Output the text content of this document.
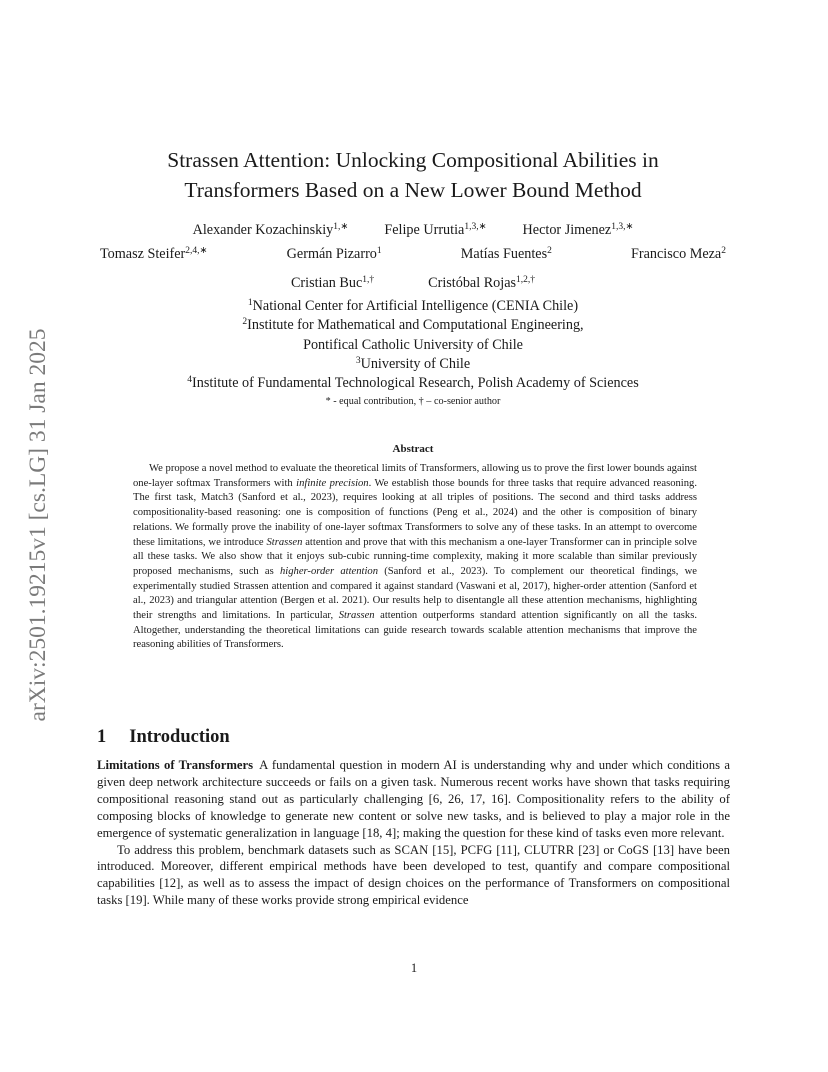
arXiv:2501.19215v1 [cs.LG] 31 Jan 2025
Strassen Attention: Unlocking Compositional Abilities in
Transformers Based on a New Lower Bound Method
Alexander Kozachinskiy$^{1,∗}$	Felipe Urrutia$^{1,3,∗}$	Hector Jimenez$^{1,3,∗}$
Tomasz Steifer$^{2,4,∗}$	Germán Pizarro$^1$	Matías Fuentes$^2$	Francisco Meza$^2$
Cristian Buc$^{1,\dagger}$	Cristóbal Rojas$^{1,2,\dagger}$
$^1$National Center for Artificial Intelligence (CENIA Chile)
$^2$Institute for Mathematical and Computational Engineering,
Pontifical Catholic University of Chile
$^3$University of Chile
$^4$Institute of Fundamental Technological Research, Polish Academy of Sciences
* - equal contribution, † – co-senior author
Abstract

We propose a novel method to evaluate the theoretical limits of Transformers, allowing us to prove the first lower bounds against one-layer softmax Transformers with infinite precision. We establish those bounds for three tasks that require advanced reasoning. The first task, Match3 (Sanford et al., 2023), requires looking at all triples of positions. The second and third tasks address compositionality-based reasoning: one is composition of functions (Peng et al., 2024) and the other is composition of binary relations. We formally prove the inability of one-layer softmax Transformers to solve any of these tasks. In an attempt to overcome these limitations, we introduce Strassen attention and prove that with this mechanism a one-layer Transformer can in principle solve all these tasks. We also show that it enjoys sub-cubic running-time complexity, making it more scalable than similar previously proposed mechanisms, such as higher-order attention (Sanford et al., 2023). To complement our theoretical findings, we experimentally studied Strassen attention and compared it against standard (Vaswani et al, 2017), higher-order attention (Sanford et al., 2023) and triangular attention (Bergen et al. 2021). Our results help to disentangle all these attention mechanisms, highlighting their strengths and limitations. In particular, Strassen attention outperforms standard attention significantly on all the tasks. Altogether, understanding the theoretical limitations can guide research towards scalable attention mechanisms that improve the reasoning abilities of Transformers.

1 Introduction

Limitations of Transformers A fundamental question in modern AI is understanding why and under which conditions a given deep network architecture succeeds or fails on a given task. Numerous recent works have shown that tasks requiring compositional reasoning stand out as particularly challenging [6, 26, 17, 16]. Compositionality refers to the ability of composing blocks of knowledge to generate new content or solve new tasks, and is believed to play a major role in the emergence of systematic generalization in language [18, 4]; making the question for these kind of tasks even more relevant.

To address this problem, benchmark datasets such as SCAN [15], PCFG [11], CLUTRR [23] or CoGS [13] have been introduced. Moreover, different empirical methods have been developed to test, quantify and compare compositional capabilities [12], as well as to assess the impact of design choices on the performance of Transformers on compositional tasks [19]. While many of these works provide strong empirical evidence

1
